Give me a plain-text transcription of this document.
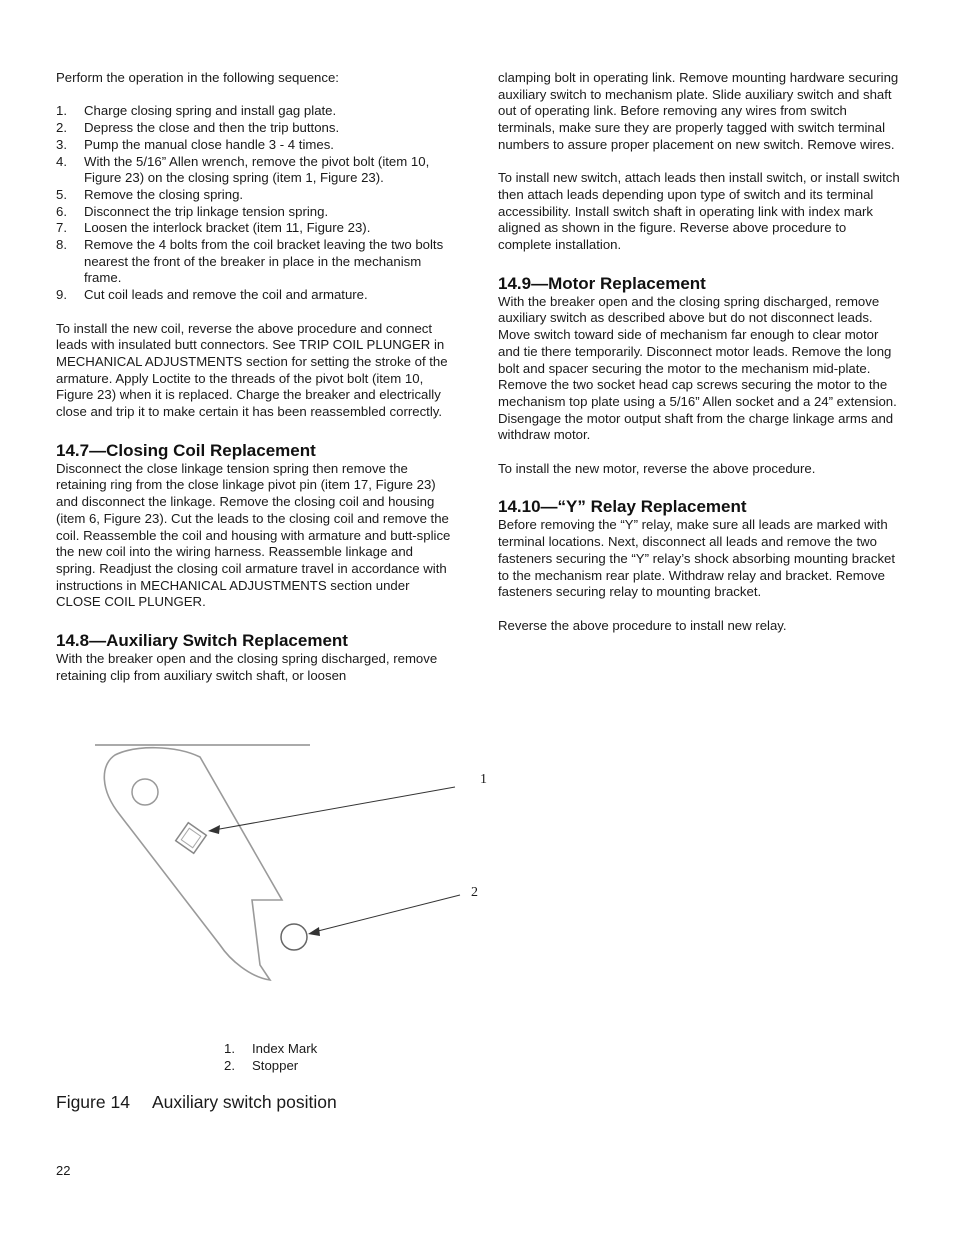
Perform the operation in the following sequence:

1. Charge closing spring and install gag plate.
2. Depress the close and then the trip buttons.
3. Pump the manual close handle 3 - 4 times.
4. With the 5/16” Allen wrench, remove the pivot bolt (item 10, Figure 23) on the closing spring (item 1, Figure 23).
5. Remove the closing spring.
6. Disconnect the trip linkage tension spring.
7. Loosen the interlock bracket (item 11, Figure 23).
8. Remove the 4 bolts from the coil bracket leaving the two bolts nearest the front of the breaker in place in the mechanism frame.
9. Cut coil leads and remove the coil and armature.

To install the new coil, reverse the above procedure and connect leads with insulated butt connectors. See TRIP COIL PLUNGER in MECHANICAL ADJUSTMENTS section for setting the stroke of the armature. Apply Loctite to the threads of the pivot bolt (item 10, Figure 23) when it is replaced. Charge the breaker and electrically close and trip it to make certain it has been reassembled correctly.

14.7—Closing Coil Replacement

Disconnect the close linkage tension spring then remove the retaining ring from the close linkage pivot pin (item 17, Figure 23) and disconnect the linkage. Remove the closing coil and housing (item 6, Figure 23). Cut the leads to the closing coil and remove the coil. Reassemble the coil and housing with armature and butt-splice the new coil into the wiring harness. Reassemble linkage and spring. Readjust the closing coil armature travel in accordance with instructions in MECHANICAL ADJUSTMENTS section under CLOSE COIL PLUNGER.

14.8—Auxiliary Switch Replacement

With the breaker open and the closing spring discharged, remove retaining clip from auxiliary switch shaft, or loosen

clamping bolt in operating link. Remove mounting hardware securing auxiliary switch to mechanism plate. Slide auxiliary switch and shaft out of operating link. Before removing any wires from switch terminals, make sure they are properly tagged with switch terminal numbers to assure proper placement on new switch. Remove wires.

To install new switch, attach leads then install switch, or install switch then attach leads depending upon type of switch and its terminal accessibility. Install switch shaft in operating link with index mark aligned as shown in the figure. Reverse above procedure to complete installation.

14.9—Motor Replacement

With the breaker open and the closing spring discharged, remove auxiliary switch as described above but do not disconnect leads. Move switch toward side of mechanism far enough to clear motor and tie there temporarily. Disconnect motor leads. Remove the long bolt and spacer securing the motor to the mechanism mid-plate. Remove the two socket head cap screws securing the motor to the mechanism top plate using a 5/16” Allen socket and a 24” extension. Disengage the motor output shaft from the charge linkage arms and withdraw motor.

To install the new motor, reverse the above procedure.

14.10—“Y” Relay Replacement

Before removing the “Y” relay, make sure all leads are marked with terminal locations. Next, disconnect all leads and remove the two fasteners securing the “Y” relay’s shock absorbing mounting bracket to the mechanism rear plate. Withdraw relay and bracket. Remove fasteners securing relay to mounting bracket.

Reverse the above procedure to install new relay.

1
2
1. Index Mark
2. Stopper
Figure 14 Auxiliary switch position
22
